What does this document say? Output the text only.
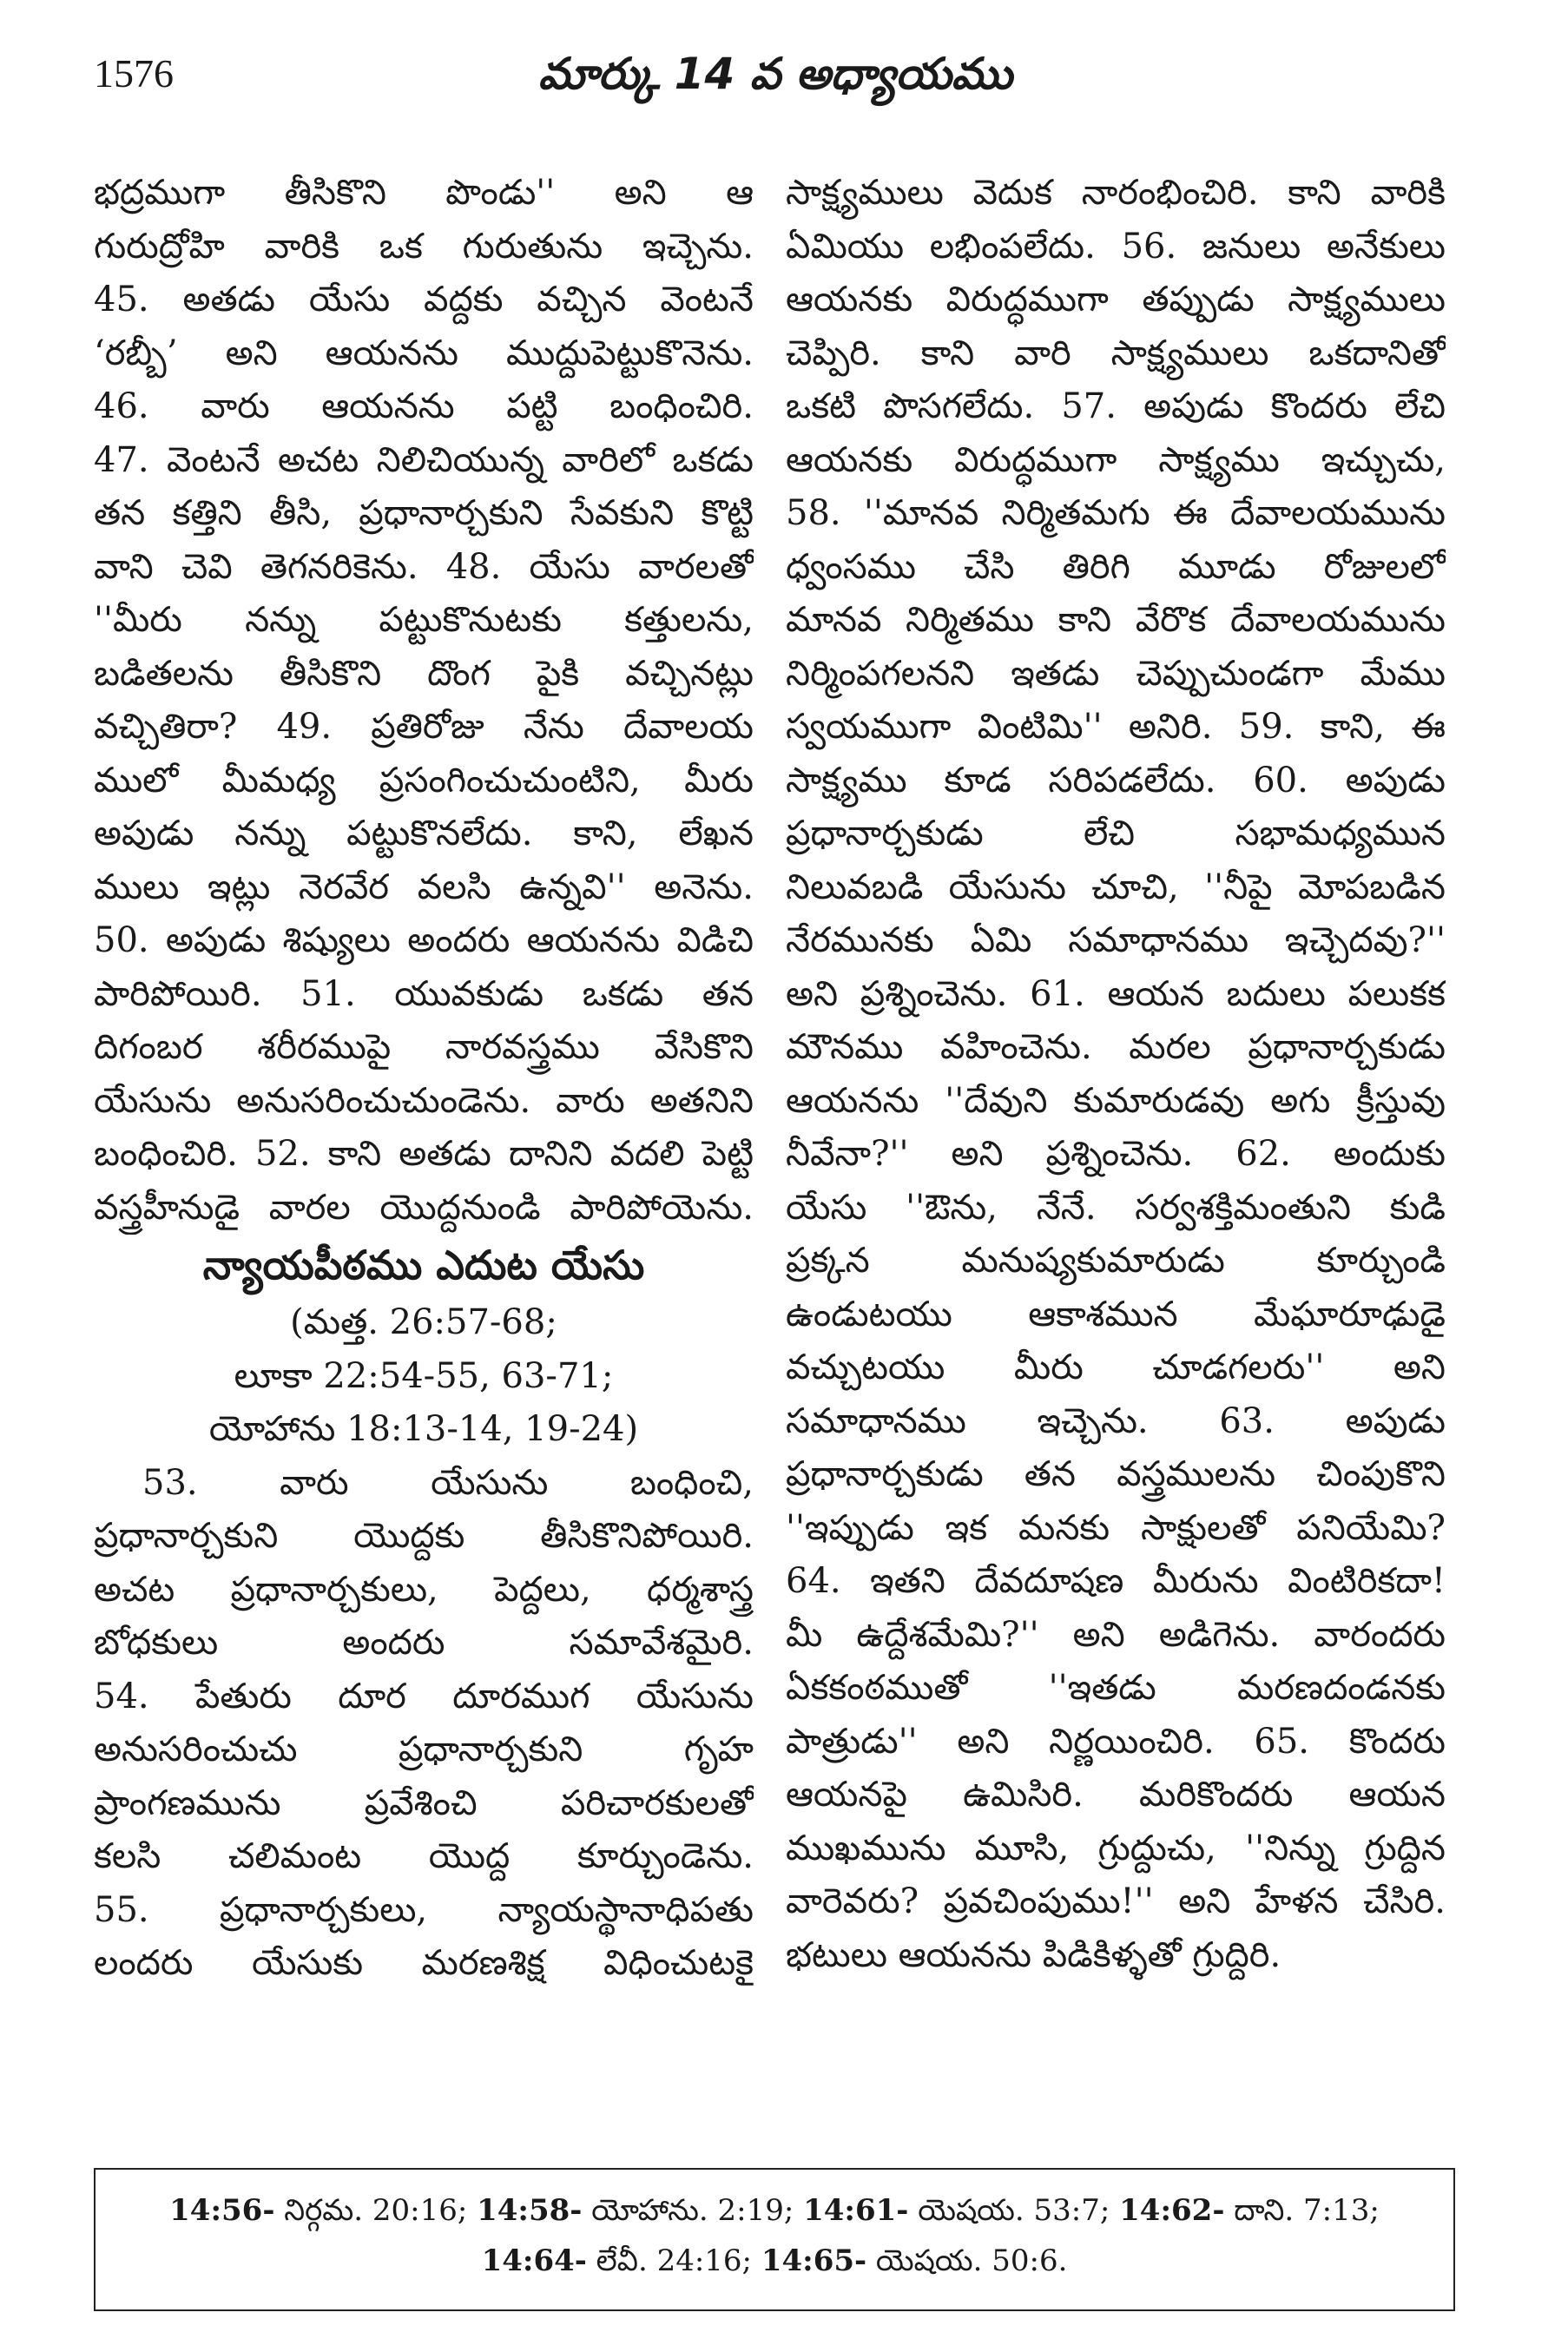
1576	మార్కు 14 వ అధ్యాయము
భద్రముగా తీసికొని పొండు'' అని ఆ
గురుద్రోహి వారికి ఒక గురుతును ఇచ్చెను.
45. అతడు యేసు వద్దకు వచ్చిన వెంటనే
‘రబ్బీ’ అని ఆయనను ముద్దుపెట్టుకొనెను.
46. వారు ఆయనను పట్టి బంధించిరి.
47. వెంటనే అచట నిలిచియున్న వారిలో ఒకడు
తన కత్తిని తీసి, ప్రధానార్చకుని సేవకుని కొట్టి
వాని చెవి తెగనరికెను. 48. యేసు వారలతో
''మీరు నన్ను పట్టుకొనుటకు కత్తులను,
బడితలను తీసికొని దొంగ పైకి వచ్చినట్లు
వచ్చితిరా? 49. ప్రతిరోజు నేను దేవాలయ
ములో మీమధ్య ప్రసంగించుచుంటిని, మీరు
అపుడు నన్ను పట్టుకొనలేదు. కాని, లేఖన
ములు ఇట్లు నెరవేర వలసి ఉన్నవి'' అనెను.
50. అపుడు శిష్యులు అందరు ఆయనను విడిచి
పారిపోయిరి. 51. యువకుడు ఒకడు తన
దిగంబర శరీరముపై నారవస్త్రము వేసికొని
యేసును అనుసరించుచుండెను. వారు అతనిని
బంధించిరి. 52. కాని అతడు దానిని వదలి పెట్టి
వస్త్రహీనుడై వారల యొద్దనుండి పారిపోయెను.
న్యాయపీఠము ఎదుట యేసు
(మత్త. 26:57-68;
లూకా 22:54-55, 63-71;
యోహాను 18:13-14, 19-24)
53. వారు యేసును బంధించి,
ప్రధానార్చకుని యొద్దకు తీసికొనిపోయిరి.
అచట ప్రధానార్చకులు, పెద్దలు, ధర్మశాస్త్ర
బోధకులు అందరు సమావేశమైరి.
54. పేతురు దూర దూరముగ యేసును
అనుసరించుచు ప్రధానార్చకుని గృహ
ప్రాంగణమును ప్రవేశించి పరిచారకులతో
కలసి చలిమంట యొద్ద కూర్చుండెను.
55. ప్రధానార్చకులు, న్యాయస్థానాధిపతు
లందరు యేసుకు మరణశిక్ష విధించుటకై
సాక్ష్యములు వెదుక నారంభించిరి. కాని వారికి
ఏమియు లభింపలేదు. 56. జనులు అనేకులు
ఆయనకు విరుద్ధముగా తప్పుడు సాక్ష్యములు
చెప్పిరి. కాని వారి సాక్ష్యములు ఒకదానితో
ఒకటి పొసగలేదు. 57. అపుడు కొందరు లేచి
ఆయనకు విరుద్ధముగా సాక్ష్యము ఇచ్చుచు,
58. ''మానవ నిర్మితమగు ఈ దేవాలయమును
ధ్వంసము చేసి తిరిగి మూడు రోజులలో
మానవ నిర్మితము కాని వేరొక దేవాలయమును
నిర్మింపగలనని ఇతడు చెప్పుచుండగా మేము
స్వయముగా వింటిమి'' అనిరి. 59. కాని, ఈ
సాక్ష్యము కూడ సరిపడలేదు. 60. అపుడు
ప్రధానార్చకుడు లేచి సభామధ్యమున
నిలువబడి యేసును చూచి, ''నీపై మోపబడిన
నేరమునకు ఏమి సమాధానము ఇచ్చెదవు?''
అని ప్రశ్నించెను. 61. ఆయన బదులు పలుకక
మౌనము వహించెను. మరల ప్రధానార్చకుడు
ఆయనను ''దేవుని కుమారుడవు అగు క్రీస్తువు
నీవేనా?'' అని ప్రశ్నించెను. 62. అందుకు
యేసు ''ఔను, నేనే. సర్వశక్తిమంతుని కుడి
ప్రక్కన మనుష్యకుమారుడు కూర్చుండి
ఉండుటయు ఆకాశమున మేఘారూఢుడై
వచ్చుటయు మీరు చూడగలరు'' అని
సమాధానము ఇచ్చెను. 63. అపుడు
ప్రధానార్చకుడు తన వస్త్రములను చింపుకొని
''ఇప్పుడు ఇక మనకు సాక్షులతో పనియేమి?
64. ఇతని దేవదూషణ మీరును వింటిరికదా!
మీ ఉద్దేశమేమి?'' అని అడిగెను. వారందరు
ఏకకంఠముతో ''ఇతడు మరణదండనకు
పాత్రుడు'' అని నిర్ణయించిరి. 65. కొందరు
ఆయనపై ఉమిసిరి. మరికొందరు ఆయన
ముఖమును మూసి, గ్రుద్దుచు, ''నిన్ను గ్రుద్దిన
వారెవరు? ప్రవచింపుము!'' అని హేళన చేసిరి.
భటులు ఆయనను పిడికిళ్ళతో గ్రుద్దిరి.
14:56- నిర్గమ. 20:16; 14:58- యోహాను. 2:19; 14:61- యెషయ. 53:7; 14:62- దాని. 7:13;
14:64- లేవీ. 24:16; 14:65- యెషయ. 50:6.
